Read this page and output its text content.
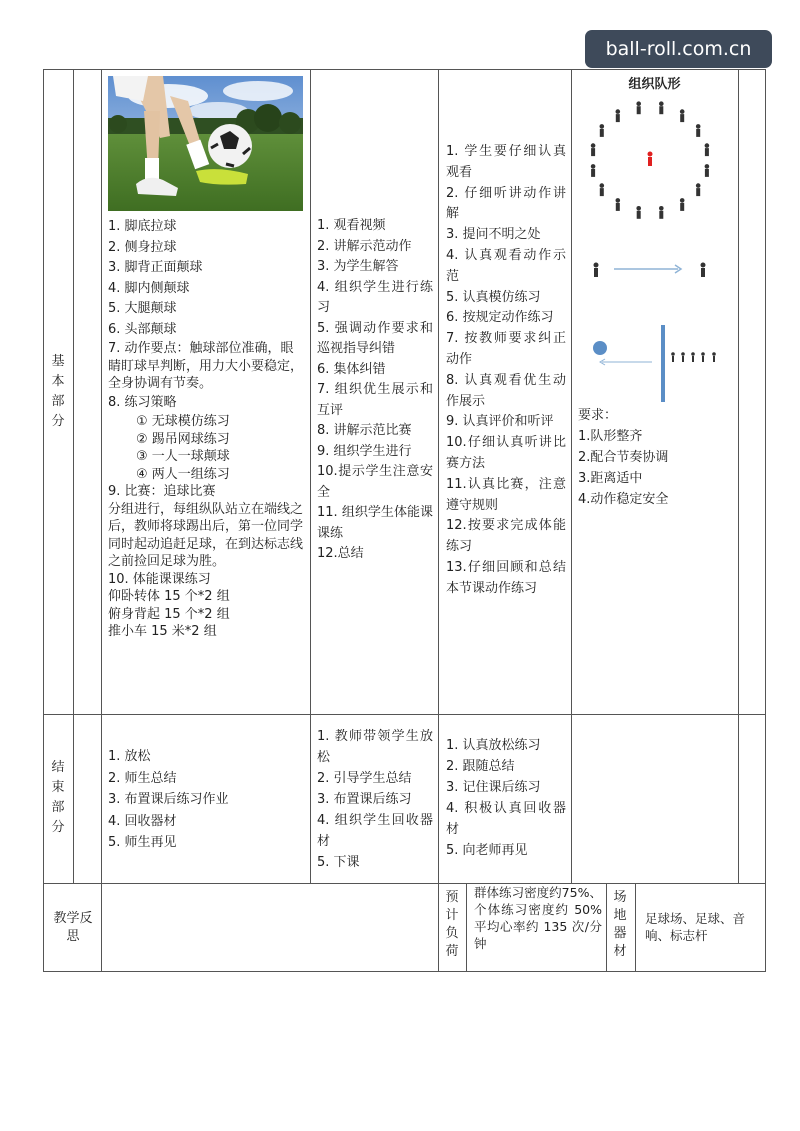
ball-roll.com.cn
基
本
部
分
结
束
部
分
教学反思
1. 脚底拉球
2. 侧身拉球
3. 脚背正面颠球
4. 脚内侧颠球
5. 大腿颠球
6. 头部颠球
7. 动作要点：触球部位准确，眼睛盯球早判断，用力大小要稳定，全身协调有节奏。
8. 练习策略
① 无球模仿练习
② 踢吊网球练习
③ 一人一球颠球
④ 两人一组练习
9. 比赛：追球比赛
分组进行，每组纵队站立在端线之后，教师将球踢出后，第一位同学同时起动追赶足球，在到达标志线之前捡回足球为胜。
10. 体能课课练习
仰卧转体 15 个*2 组
俯身背起 15 个*2 组
推小车 15 米*2 组
1. 观看视频
2. 讲解示范动作
3. 为学生解答
4. 组织学生进行练习
5. 强调动作要求和巡视指导纠错
6. 集体纠错
7. 组织优生展示和互评
8. 讲解示范比赛
9. 组织学生进行
10.提示学生注意安全
11. 组织学生体能课课练
12.总结
1. 学生要仔细认真观看
2. 仔细听讲动作讲解
3. 提问不明之处
4. 认真观看动作示范
5. 认真模仿练习
6. 按规定动作练习
7. 按教师要求纠正动作
8. 认真观看优生动作展示
9. 认真评价和听评
10.仔细认真听讲比赛方法
11.认真比赛，注意遵守规则
12.按要求完成体能练习
13.仔细回顾和总结本节课动作练习
组织队形
要求：
1.队形整齐
2.配合节奏协调
3.距离适中
4.动作稳定安全
1. 放松
2. 师生总结
3. 布置课后练习作业
4. 回收器材
5. 师生再见
1. 教师带领学生放松
2. 引导学生总结
3. 布置课后练习
4. 组织学生回收器材
5. 下课
1. 认真放松练习
2. 跟随总结
3. 记住课后练习
4. 积极认真回收器材
5. 向老师再见
预
计
负
荷
群体练习密度约75%、个体练习密度约 50%平均心率约 135 次/分钟
场
地
器
材
足球场、足球、音响、标志杆
